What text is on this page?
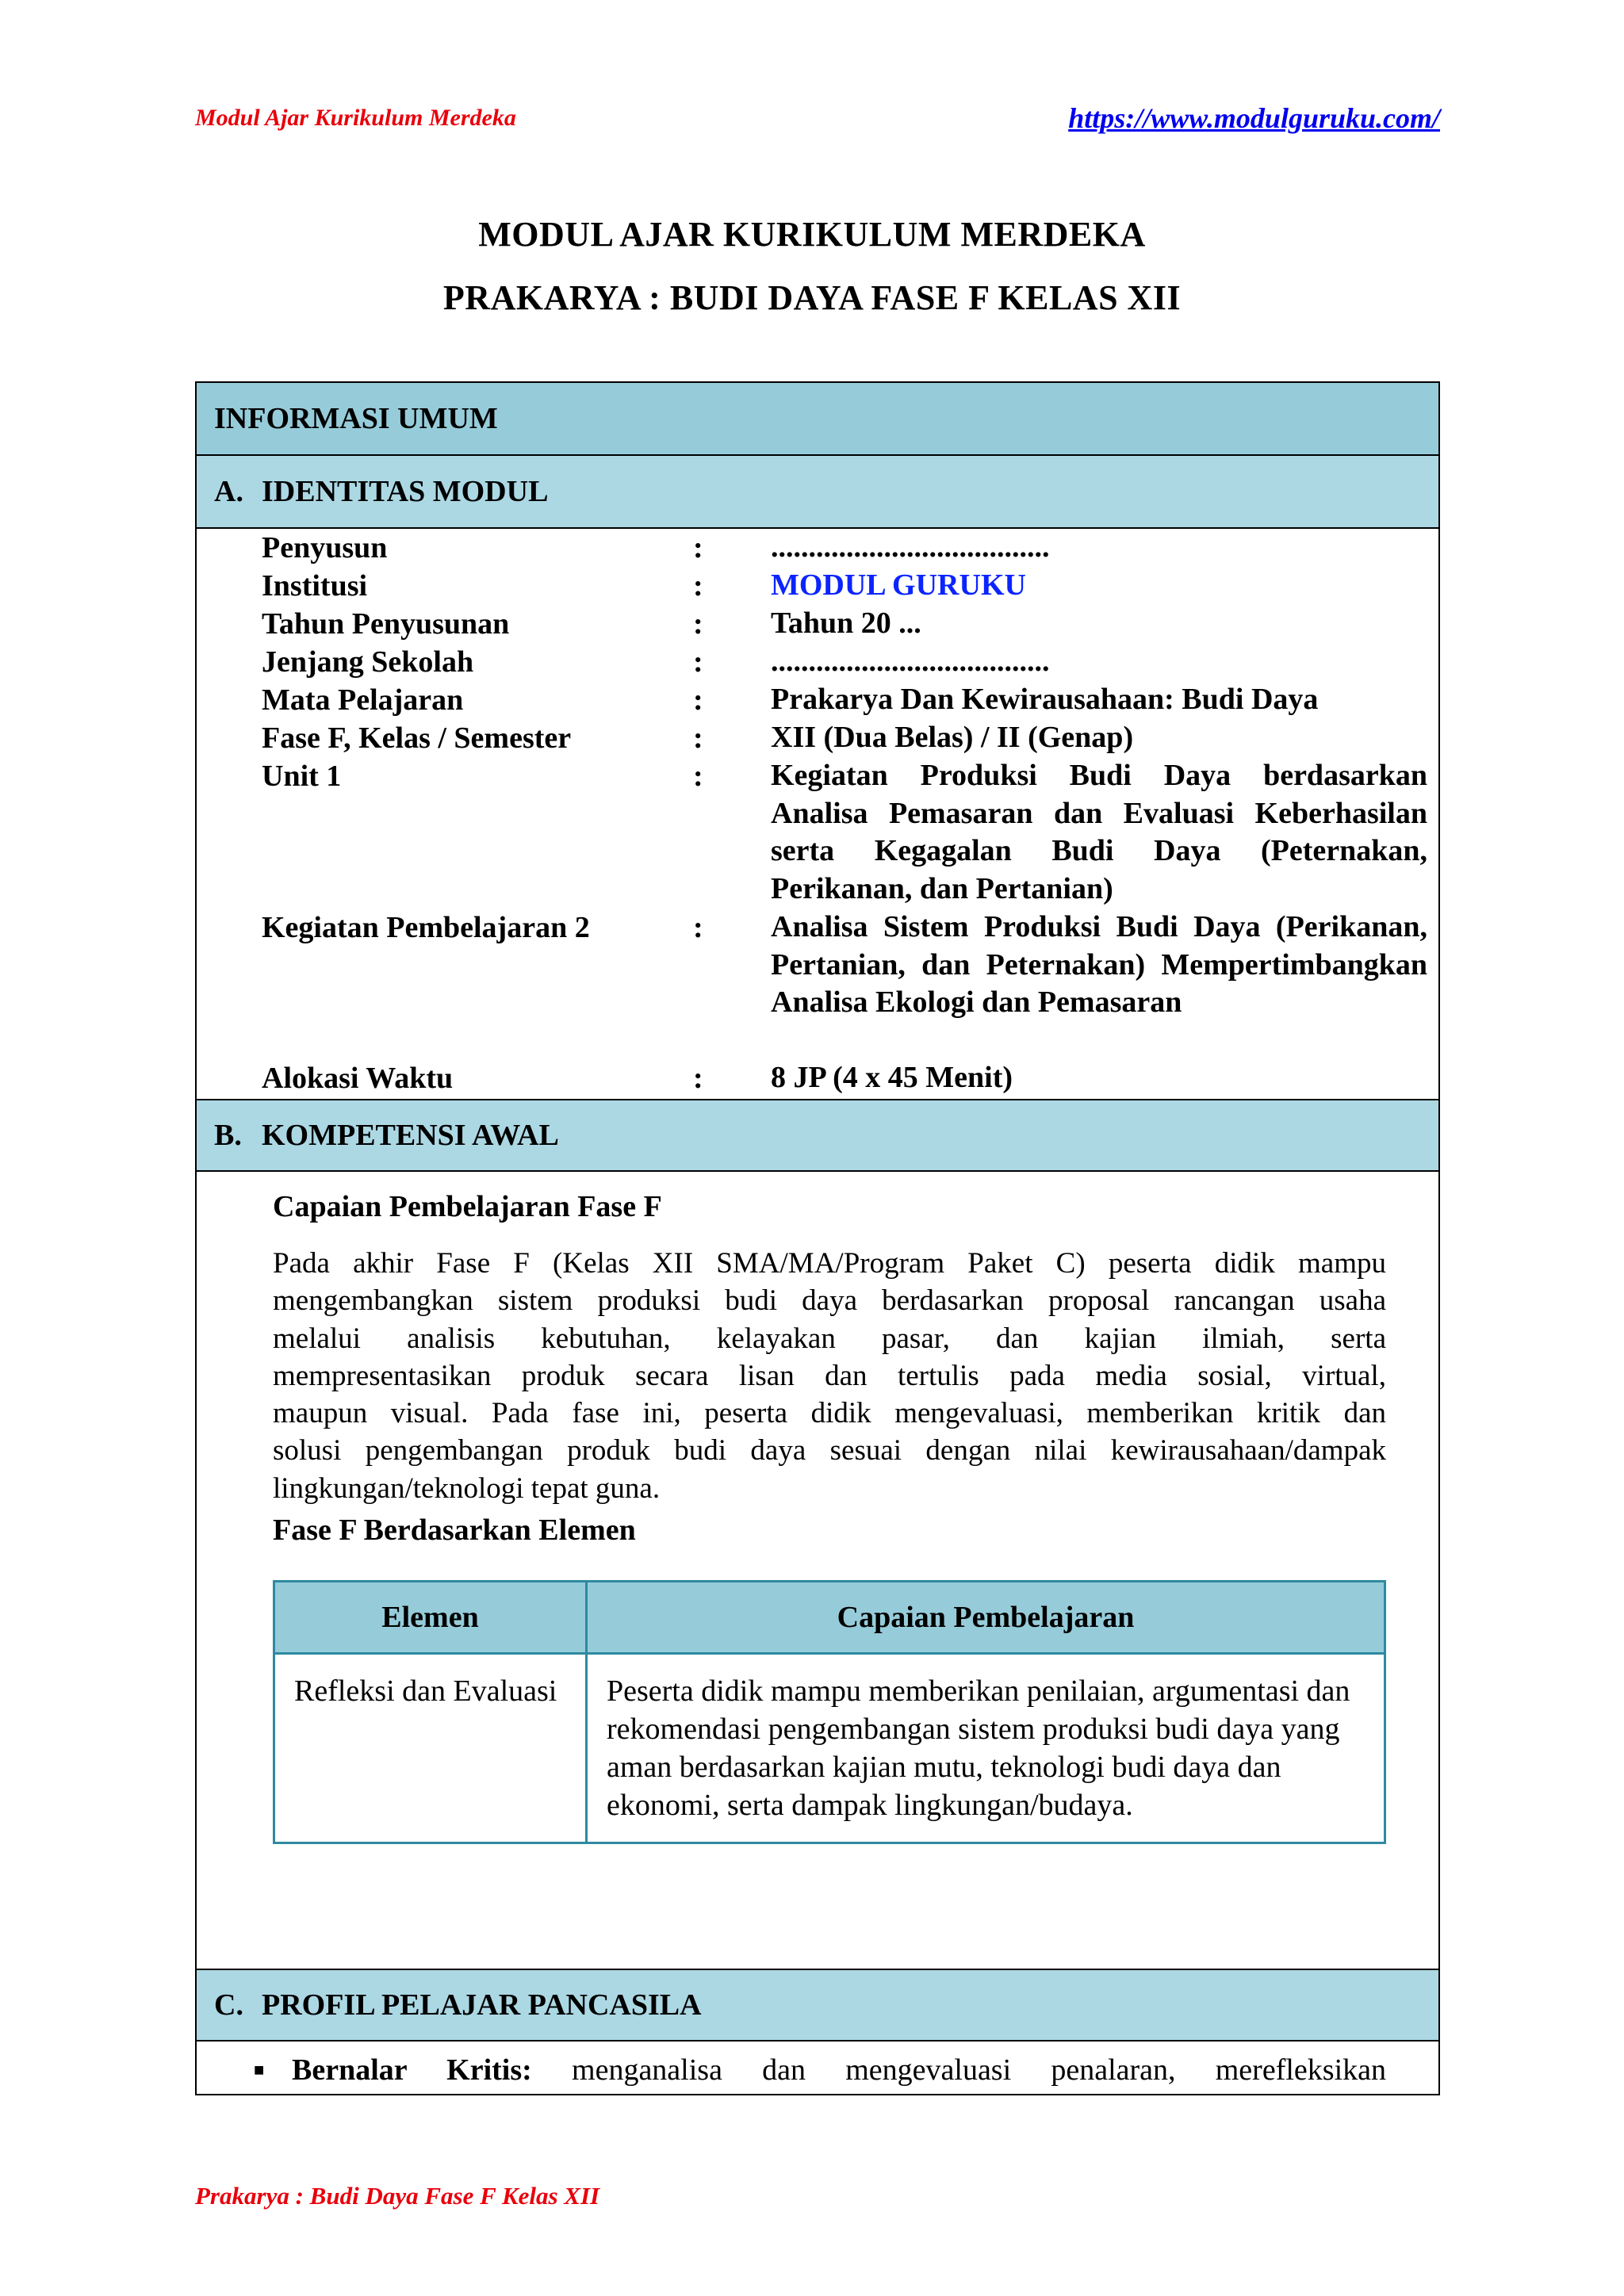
Modul Ajar Kurikulum Merdeka	https://www.modulguruku.com/
MODUL AJAR KURIKULUM MERDEKA
PRAKARYA : BUDI DAYA FASE F KELAS XII
INFORMASI UMUM
A. IDENTITAS MODUL
Penyusun	: .....................................
Institusi	: MODUL GURUKU
Tahun Penyusunan	: Tahun 20 ...
Jenjang Sekolah	: .....................................
Mata Pelajaran	: Prakarya Dan Kewirausahaan: Budi Daya
Fase F, Kelas / Semester	: XII (Dua Belas) / II (Genap)
Unit 1	: Kegiatan Produksi Budi Daya berdasarkan Analisa Pemasaran dan Evaluasi Keberhasilan serta Kegagalan Budi Daya (Peternakan, Perikanan, dan Pertanian)
Kegiatan Pembelajaran 2	: Analisa Sistem Produksi Budi Daya (Perikanan, Pertanian, dan Peternakan) Mempertimbangkan Analisa Ekologi dan Pemasaran
Alokasi Waktu	: 8 JP (4 x 45 Menit)
B. KOMPETENSI AWAL
Capaian Pembelajaran Fase F
Pada akhir Fase F (Kelas XII SMA/MA/Program Paket C) peserta didik mampu
mengembangkan sistem produksi budi daya berdasarkan proposal rancangan usaha
melalui analisis kebutuhan, kelayakan pasar, dan kajian ilmiah, serta
mempresentasikan produk secara lisan dan tertulis pada media sosial, virtual,
maupun visual. Pada fase ini, peserta didik mengevaluasi, memberikan kritik dan
solusi pengembangan produk budi daya sesuai dengan nilai kewirausahaan/dampak
lingkungan/teknologi tepat guna.
Fase F Berdasarkan Elemen
Elemen	Capaian Pembelajaran
Refleksi dan Evaluasi	Peserta didik mampu memberikan penilaian, argumentasi dan rekomendasi pengembangan sistem produksi budi daya yang aman berdasarkan kajian mutu, teknologi budi daya dan ekonomi, serta dampak lingkungan/budaya.
C. PROFIL PELAJAR PANCASILA
■ Bernalar Kritis: menganalisa dan mengevaluasi penalaran, merefleksikan
Prakarya : Budi Daya Fase F Kelas XII
